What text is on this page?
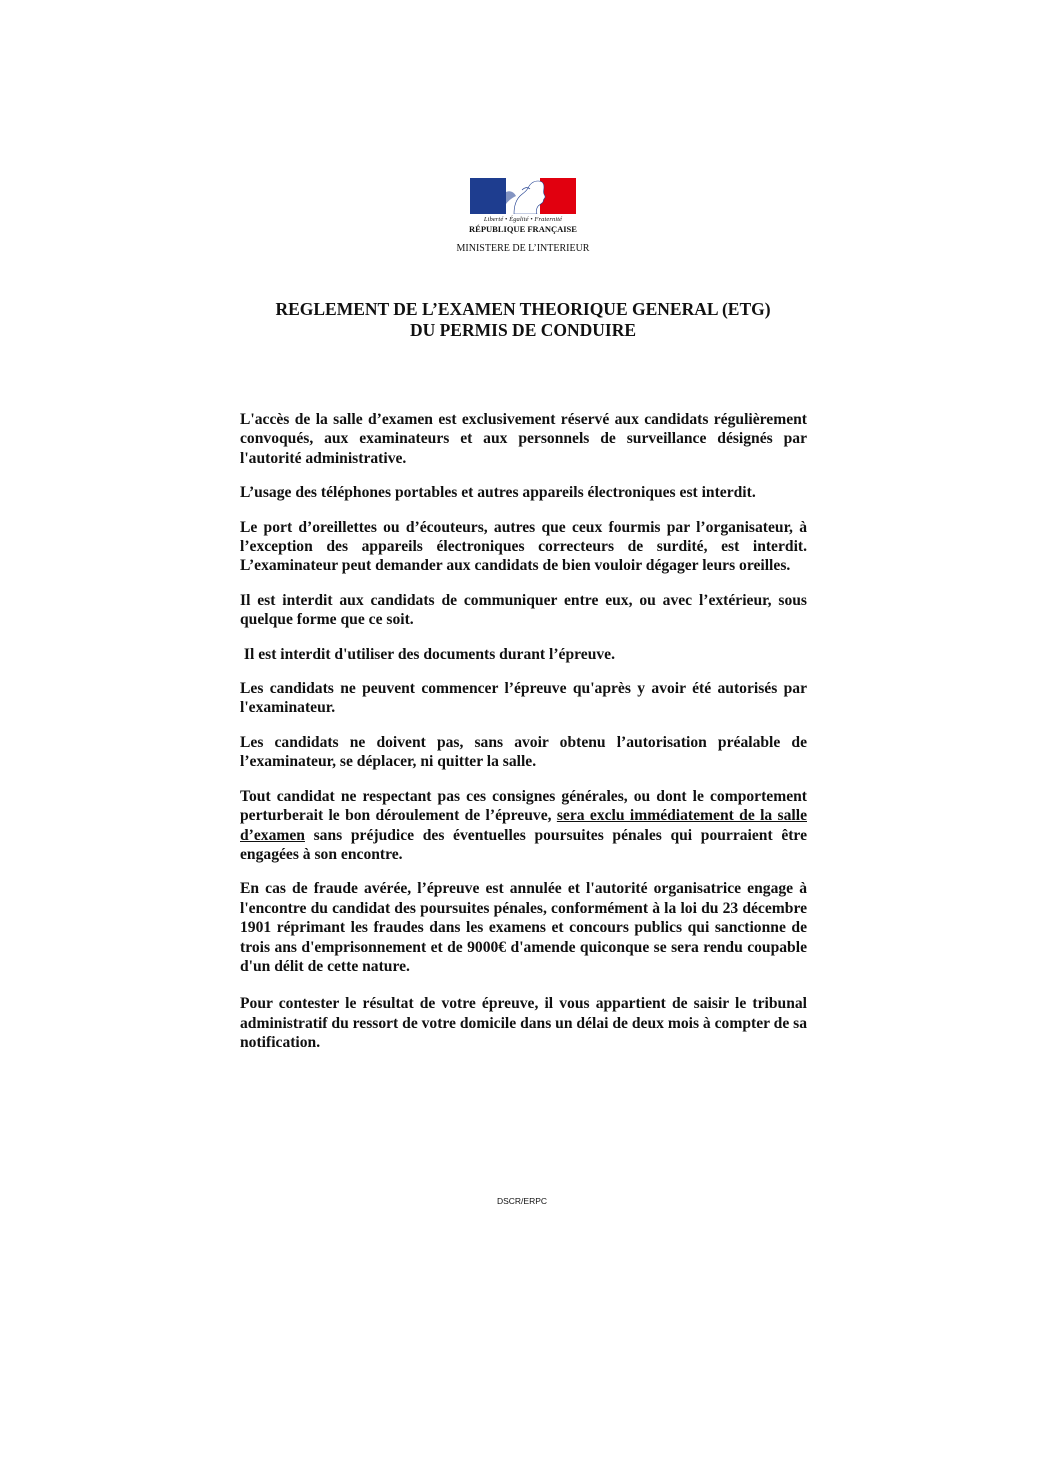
Liberté • Égalité • Fraternité
RÉPUBLIQUE FRANÇAISE
MINISTERE DE L’INTERIEUR
REGLEMENT DE L’EXAMEN THEORIQUE GENERAL (ETG)
DU PERMIS DE CONDUIRE

L'accès de la salle d’examen est exclusivement réservé aux candidats régulièrement convoqués, aux examinateurs et aux personnels de surveillance désignés par l'autorité administrative.

L’usage des téléphones portables et autres appareils électroniques est interdit.

Le port d’oreillettes ou d’écouteurs, autres que ceux fourmis par l’organisateur, à l’exception des appareils électroniques correcteurs de surdité, est interdit. L’examinateur peut demander aux candidats de bien vouloir dégager leurs oreilles.

Il est interdit aux candidats de communiquer entre eux, ou avec l’extérieur, sous quelque forme que ce soit.

Il est interdit d'utiliser des documents durant l’épreuve.

Les candidats ne peuvent commencer l’épreuve qu'après y avoir été autorisés par l'examinateur.

Les candidats ne doivent pas, sans avoir obtenu l’autorisation préalable de l’examinateur, se déplacer, ni quitter la salle.

Tout candidat ne respectant pas ces consignes générales, ou dont le comportement perturberait le bon déroulement de l’épreuve, sera exclu immédiatement de la salle d’examen sans préjudice des éventuelles poursuites pénales qui pourraient être engagées à son encontre.

En cas de fraude avérée, l’épreuve est annulée et l'autorité organisatrice engage à l'encontre du candidat des poursuites pénales, conformément à la loi du 23 décembre 1901 réprimant les fraudes dans les examens et concours publics qui sanctionne de trois ans d'emprisonnement et de 9000€ d'amende quiconque se sera rendu coupable d'un délit de cette nature.

Pour contester le résultat de votre épreuve, il vous appartient de saisir le tribunal administratif du ressort de votre domicile dans un délai de deux mois à compter de sa notification.

DSCR/ERPC
